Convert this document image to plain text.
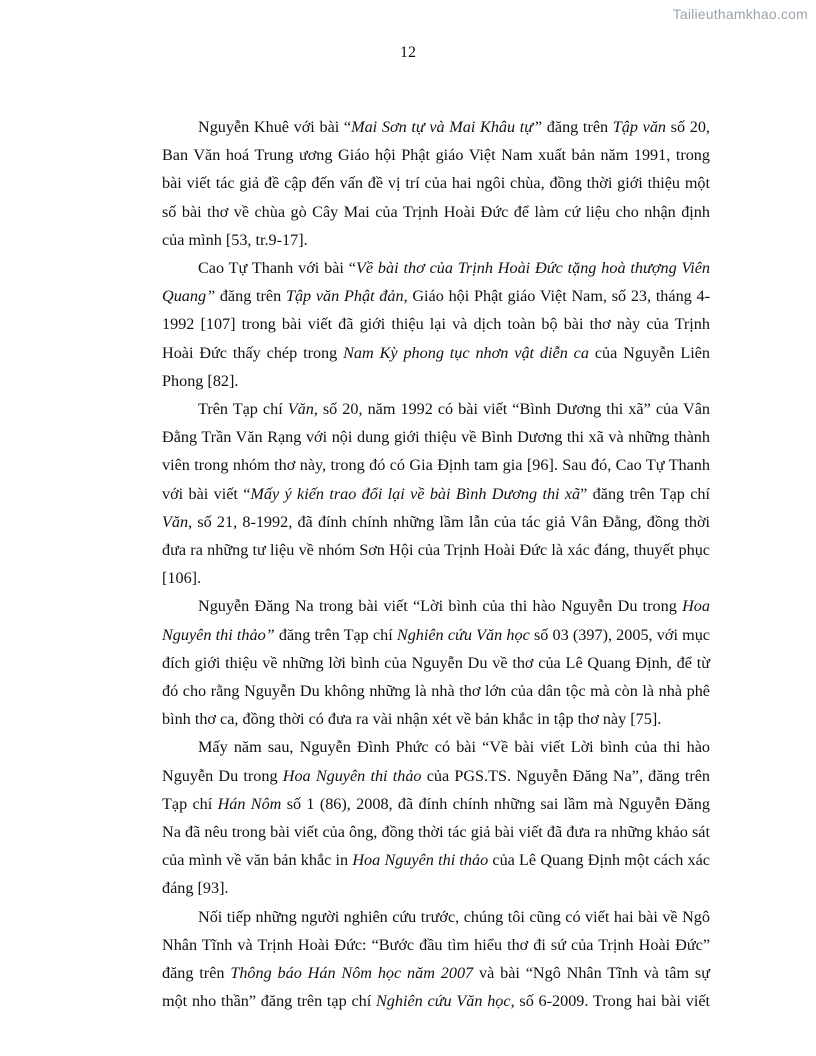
Tailieuthamkhao.com
12

Nguyễn Khuê với bài “Mai Sơn tự và Mai Khâu tự” đăng trên Tập văn số 20, Ban Văn hoá Trung ương Giáo hội Phật giáo Việt Nam xuất bản năm 1991, trong bài viết tác giả đề cập đến vấn đề vị trí của hai ngôi chùa, đồng thời giới thiệu một số bài thơ về chùa gò Cây Mai của Trịnh Hoài Đức để làm cứ liệu cho nhận định của mình [53, tr.9-17].

Cao Tự Thanh với bài “Về bài thơ của Trịnh Hoài Đức tặng hoà thượng Viên Quang” đăng trên Tập văn Phật đản, Giáo hội Phật giáo Việt Nam, số 23, tháng 4-1992 [107] trong bài viết đã giới thiệu lại và dịch toàn bộ bài thơ này của Trịnh Hoài Đức thấy chép trong Nam Kỳ phong tục nhơn vật diễn ca của Nguyễn Liên Phong [82].

Trên Tạp chí Văn, số 20, năm 1992 có bài viết “Bình Dương thi xã” của Vân Đằng Trần Văn Rạng với nội dung giới thiệu về Bình Dương thi xã và những thành viên trong nhóm thơ này, trong đó có Gia Định tam gia [96]. Sau đó, Cao Tự Thanh với bài viết “Mấy ý kiến trao đổi lại về bài Bình Dương thi xã” đăng trên Tạp chí Văn, số 21, 8-1992, đã đính chính những lầm lẫn của tác giả Vân Đằng, đồng thời đưa ra những tư liệu về nhóm Sơn Hội của Trịnh Hoài Đức là xác đáng, thuyết phục [106].

Nguyễn Đăng Na trong bài viết “Lời bình của thi hào Nguyễn Du trong Hoa Nguyên thi thảo” đăng trên Tạp chí Nghiên cứu Văn học số 03 (397), 2005, với mục đích giới thiệu về những lời bình của Nguyễn Du về thơ của Lê Quang Định, để từ đó cho rằng Nguyễn Du không những là nhà thơ lớn của dân tộc mà còn là nhà phê bình thơ ca, đồng thời có đưa ra vài nhận xét về bản khắc in tập thơ này [75].

Mấy năm sau, Nguyễn Đình Phức có bài “Về bài viết Lời bình của thi hào Nguyễn Du trong Hoa Nguyên thi thảo của PGS.TS. Nguyễn Đăng Na”, đăng trên Tạp chí Hán Nôm số 1 (86), 2008, đã đính chính những sai lầm mà Nguyễn Đăng Na đã nêu trong bài viết của ông, đồng thời tác giả bài viết đã đưa ra những khảo sát của mình về văn bản khắc in Hoa Nguyên thi thảo của Lê Quang Định một cách xác đáng [93].

Nối tiếp những người nghiên cứu trước, chúng tôi cũng có viết hai bài về Ngô Nhân Tĩnh và Trịnh Hoài Đức: “Bước đầu tìm hiểu thơ đi sứ của Trịnh Hoài Đức” đăng trên Thông báo Hán Nôm học năm 2007 và bài “Ngô Nhân Tĩnh và tâm sự một nho thần” đăng trên tạp chí Nghiên cứu Văn học, số 6-2009. Trong hai bài viết
